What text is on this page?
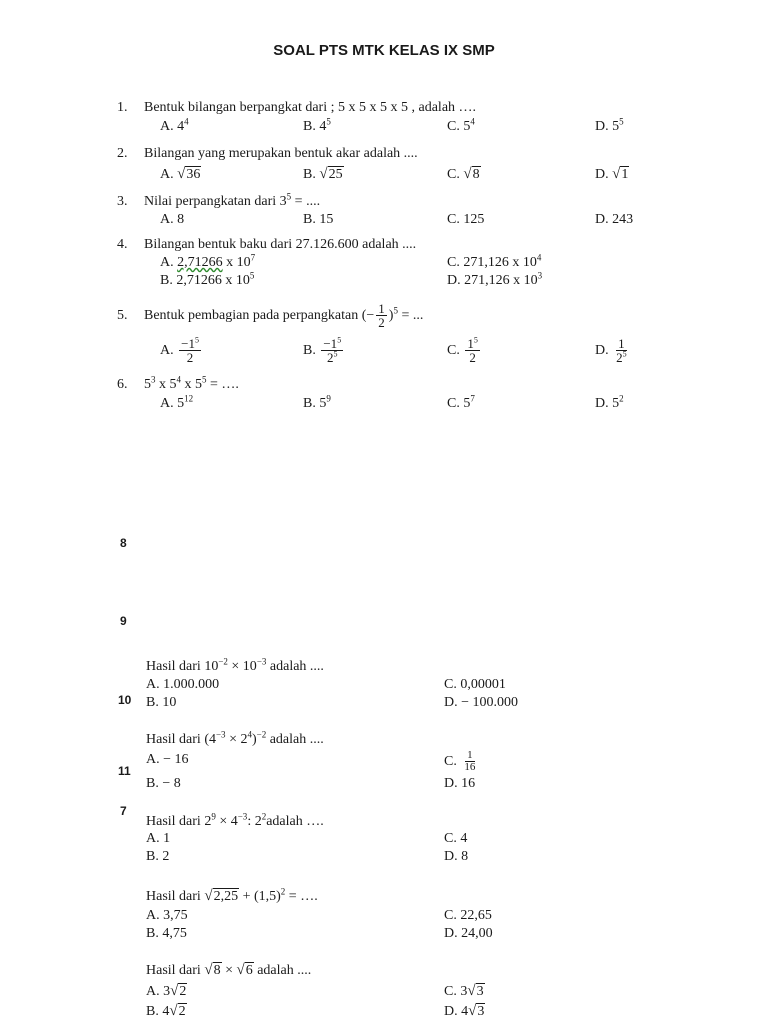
SOAL PTS MTK KELAS IX SMP
1. Bentuk bilangan berpangkat dari ; 5 x 5 x 5 x 5 , adalah ….
A. $4^4$	B. $4^5$	C. $5^4$	D. $5^5$
2. Bilangan yang merupakan bentuk akar adalah ....
A. √ 36	B. √ 25	C. √ 8	D. √ 1
3. Nilai perpangkatan dari $3^5$ = ....
A. 8	B. 15	C. 125	D. 243
4. Bilangan bentuk baku dari 27.126.600 adalah ....
A. 2,71266 x $10^7$
B. 2,71266 x $10^5$
C. 271,126 x $10^4$
D. 271,126 x $10^3$
5. Bentuk pembagian pada perpangkatan (− $\frac{1}{2} )^5$ = ...
A. $\frac{-1^5}{2}$	B. $\frac{-1^5}{2^5}$	C. $\frac{1^5}{2}$	D. $\frac{1}{2^5}$
6. $5^3$ x $5^4$ x $5^5$ = ….
A. $5^{12}$	B. $5^9$	C. $5^7$	D. $5^2$
8
9
10
11
7
Hasil dari $10^{-2} \times 10^{-3}$ adalah ....
A. 1.000.000
B. 10
C. 0,00001
D. − 100.000
Hasil dari $(4^{-3} \times 2^4)^{-2}$ adalah ....
A. − 16
B. − 8
C. $\frac{1}{16}$
D. 16
Hasil dari $2^9 \times 4^{-3}$: $2^2adalah$ ….
A. 1
B. 2
C. 4
D. 8
Hasil dari √ $2,25 + (1,5)^2$ = ….
A. 3,75
B. 4,75
C. 22,65
D. 24,00
Hasil dari √ 8 × √ 6 adalah ....
A. 3 √ 2
B. 4 √ 2
C. 3 √ 3
D. 4 √ 3
